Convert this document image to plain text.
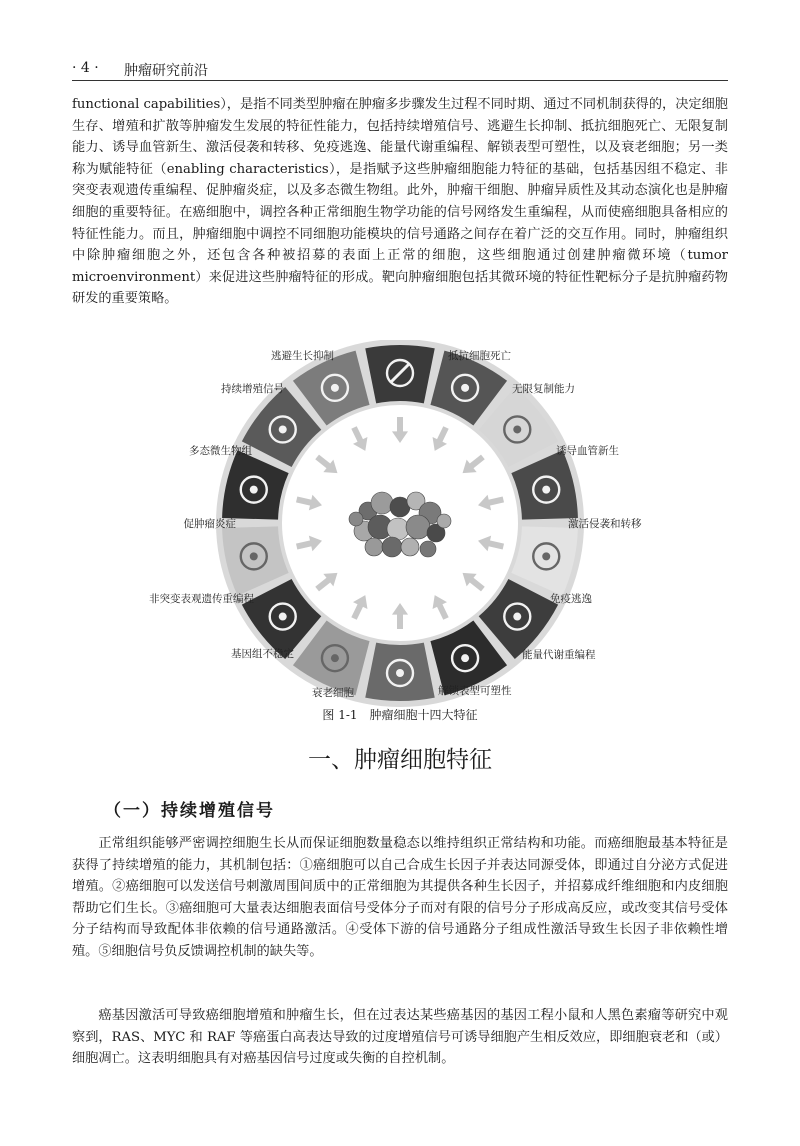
· 4 · 肿瘤研究前沿

functional capabilities），是指不同类型肿瘤在肿瘤多步骤发生过程不同时期、通过不同机制获得的，决定细胞生存、增殖和扩散等肿瘤发生发展的特征性能力，包括持续增殖信号、逃避生长抑制、抵抗细胞死亡、无限复制能力、诱导血管新生、激活侵袭和转移、免疫逃逸、能量代谢重编程、解锁表型可塑性，以及衰老细胞；另一类称为赋能特征（enabling characteristics），是指赋予这些肿瘤细胞能力特征的基础，包括基因组不稳定、非突变表观遗传重编程、促肿瘤炎症，以及多态微生物组。此外，肿瘤干细胞、肿瘤异质性及其动态演化也是肿瘤细胞的重要特征。在癌细胞中，调控各种正常细胞生物学功能的信号网络发生重编程，从而使癌细胞具备相应的特征性能力。而且，肿瘤细胞中调控不同细胞功能模块的信号通路之间存在着广泛的交互作用。同时，肿瘤组织中除肿瘤细胞之外，还包含各种被招募的表面上正常的细胞，这些细胞通过创建肿瘤微环境（tumor microenvironment）来促进这些肿瘤特征的形成。靶向肿瘤细胞包括其微环境的特征性靶标分子是抗肿瘤药物研发的重要策略。

逃避生长抑制	抵抗细胞死亡
无限复制能力
诱导血管新生
激活侵袭和转移
免疫逃逸
能量代谢重编程
解锁表型可塑性
衰老细胞
基因组不稳定
非突变表观遗传重编程
促肿瘤炎症
多态微生物组
持续增殖信号
图 1-1　肿瘤细胞十四大特征
一、肿瘤细胞特征
（一）持续增殖信号

正常组织能够严密调控细胞生长从而保证细胞数量稳态以维持组织正常结构和功能。而癌细胞最基本特征是获得了持续增殖的能力，其机制包括：①癌细胞可以自己合成生长因子并表达同源受体，即通过自分泌方式促进增殖。②癌细胞可以发送信号刺激周围间质中的正常细胞为其提供各种生长因子，并招募成纤维细胞和内皮细胞帮助它们生长。③癌细胞可大量表达细胞表面信号受体分子而对有限的信号分子形成高反应，或改变其信号受体分子结构而导致配体非依赖的信号通路激活。④受体下游的信号通路分子组成性激活导致生长因子非依赖性增殖。⑤细胞信号负反馈调控机制的缺失等。

癌基因激活可导致癌细胞增殖和肿瘤生长，但在过表达某些癌基因的基因工程小鼠和人黑色素瘤等研究中观察到，RAS、MYC 和 RAF 等癌蛋白高表达导致的过度增殖信号可诱导细胞产生相反效应，即细胞衰老和（或）细胞凋亡。这表明细胞具有对癌基因信号过度或失衡的自控机制。
